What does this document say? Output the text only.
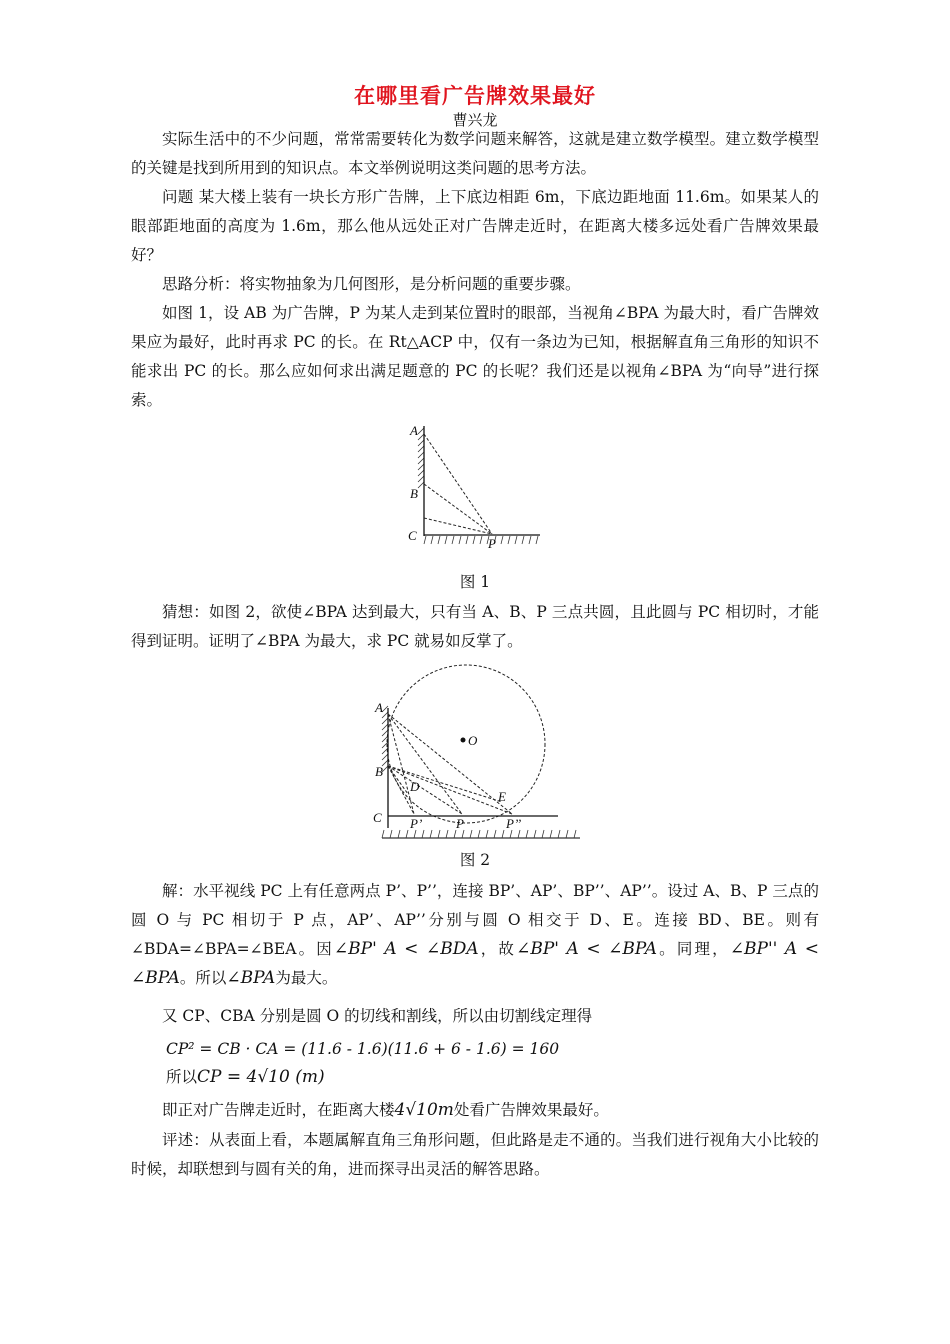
在哪里看广告牌效果最好
曹兴龙

实际生活中的不少问题，常常需要转化为数学问题来解答，这就是建立数学模型。建立数学模型的关键是找到所用到的知识点。本文举例说明这类问题的思考方法。

问题 某大楼上装有一块长方形广告牌，上下底边相距 6m，下底边距地面 11.6m。如果某人的眼部距地面的高度为 1.6m，那么他从远处正对广告牌走近时，在距离大楼多远处看广告牌效果最好？

思路分析：将实物抽象为几何图形，是分析问题的重要步骤。

如图 1，设 AB 为广告牌，P 为某人走到某位置时的眼部，当视角∠BPA 为最大时，看广告牌效果应为最好，此时再求 PC 的长。在 Rt△ACP 中，仅有一条边为已知，根据解直角三角形的知识不能求出 PC 的长。那么应如何求出满足题意的 PC 的长呢？我们还是以视角∠BPA 为“向导”进行探索。

A
B
C
P
图 1

猜想：如图 2，欲使∠BPA 达到最大，只有当 A、B、P 三点共圆，且此圆与 PC 相切时，才能得到证明。证明了∠BPA 为最大，求 PC 就易如反掌了。

O
A
B
C
D
E
P’	P	P’’
图 2

解：水平视线 PC 上有任意两点 P’、P’’，连接 BP’、AP’、BP’’、AP’’。设过 A、B、P 三点的圆 O 与 PC 相切于 P 点，AP’、AP’’分别与圆 O 相交于 D、E。连接 BD、BE。则有∠BDA=∠BPA=∠BEA。因∠BP' A < ∠BDA，故∠BP' A < ∠BPA。同理，∠BP'' A < ∠BPA。所以∠BPA为最大。

又 CP、CBA 分别是圆 O 的切线和割线，所以由切割线定理得

CP² = CB · CA = (11.6 - 1.6)(11.6 + 6 - 1.6) = 160
所以CP = 4√10 (m)

即正对广告牌走近时，在距离大楼4√10m处看广告牌效果最好。

评述：从表面上看，本题属解直角三角形问题，但此路是走不通的。当我们进行视角大小比较的时候，却联想到与圆有关的角，进而探寻出灵活的解答思路。
